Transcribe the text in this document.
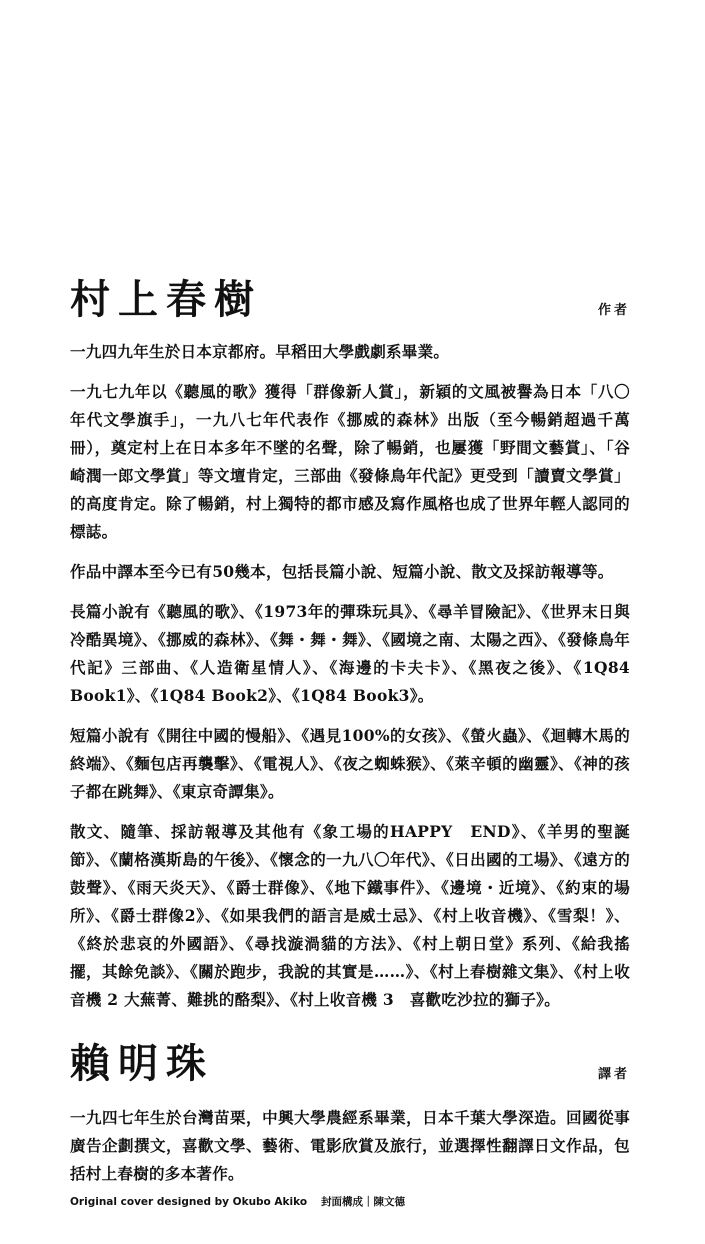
村上春樹	作者

一九四九年生於日本京都府。早稻田大學戲劇系畢業。

一九七九年以《聽風的歌》獲得「群像新人賞」，新穎的文風被譽為日本「八〇年代文學旗手」，一九八七年代表作《挪威的森林》出版（至今暢銷超過千萬冊），奠定村上在日本多年不墜的名聲，除了暢銷，也屢獲「野間文藝賞」、「谷崎潤一郎文學賞」等文壇肯定，三部曲《發條鳥年代記》更受到「讀賣文學賞」的高度肯定。除了暢銷，村上獨特的都市感及寫作風格也成了世界年輕人認同的標誌。

作品中譯本至今已有50幾本，包括長篇小說、短篇小說、散文及採訪報導等。

長篇小說有《聽風的歌》、《1973年的彈珠玩具》、《尋羊冒險記》、《世界末日與冷酷異境》、《挪威的森林》、《舞・舞・舞》、《國境之南、太陽之西》、《發條鳥年代記》三部曲、《人造衛星情人》、《海邊的卡夫卡》、《黑夜之後》、《1Q84 Book1》、《1Q84 Book2》、《1Q84 Book3》。

短篇小說有《開往中國的慢船》、《遇見100%的女孩》、《螢火蟲》、《迴轉木馬的終端》、《麵包店再襲擊》、《電視人》、《夜之蜘蛛猴》、《萊辛頓的幽靈》、《神的孩子都在跳舞》、《東京奇譚集》。

散文、隨筆、採訪報導及其他有《象工場的HAPPY　END》、《羊男的聖誕節》、《蘭格漢斯島的午後》、《懷念的一九八〇年代》、《日出國的工場》、《遠方的鼓聲》、《雨天炎天》、《爵士群像》、《地下鐵事件》、《邊境・近境》、《約束的場所》、《爵士群像2》、《如果我們的語言是威士忌》、《村上收音機》、《雪梨！》、《終於悲哀的外國語》、《尋找漩渦貓的方法》、《村上朝日堂》系列、《給我搖擺，其餘免談》、《關於跑步，我說的其實是……》、《村上春樹雜文集》、《村上收音機 2 大蕪菁、難挑的酪梨》、《村上收音機 3　喜歡吃沙拉的獅子》。

賴明珠	譯者

一九四七年生於台灣苗栗，中興大學農經系畢業，日本千葉大學深造。回國從事廣告企劃撰文，喜歡文學、藝術、電影欣賞及旅行，並選擇性翻譯日文作品，包括村上春樹的多本著作。

Original cover designed by Okubo Akiko 封面構成｜陳文德
